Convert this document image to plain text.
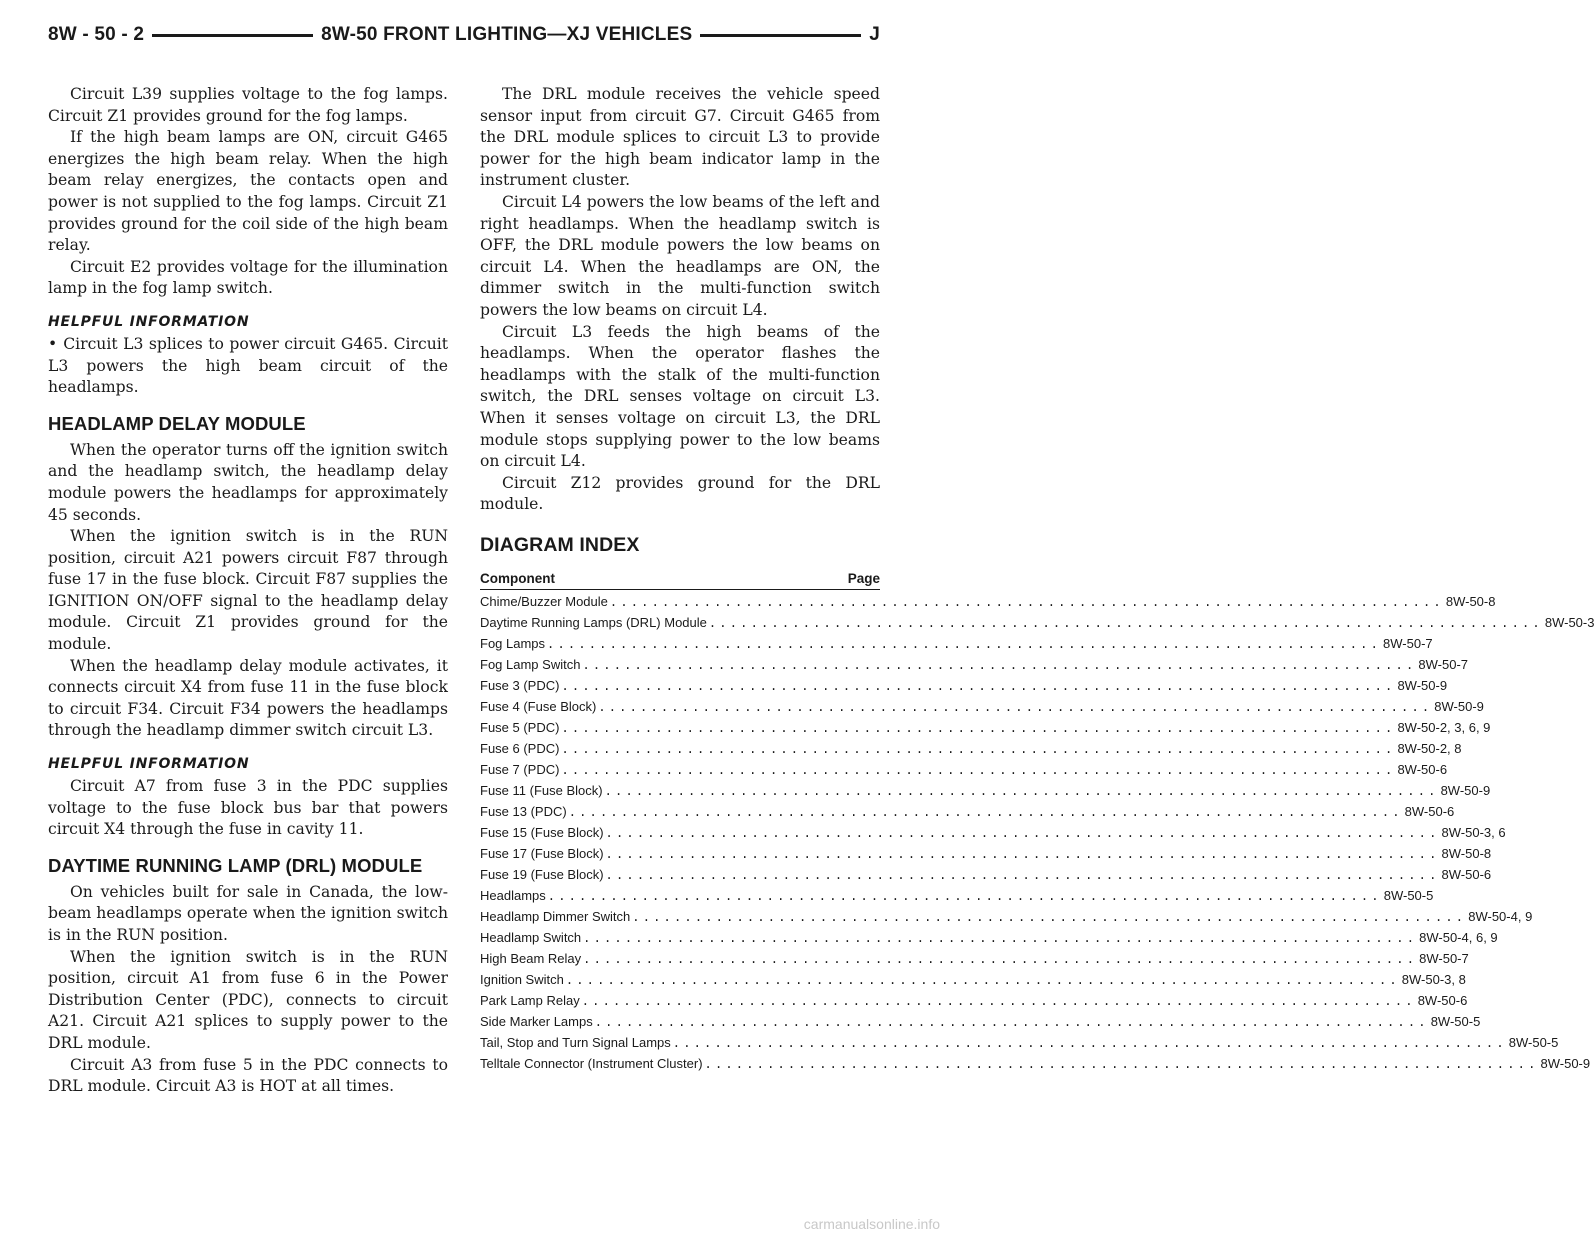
8W - 50 - 2	8W-50 FRONT LIGHTING—XJ VEHICLES	J

Circuit L39 supplies voltage to the fog lamps. Circuit Z1 provides ground for the fog lamps.

If the high beam lamps are ON, circuit G465 energizes the high beam relay. When the high beam relay energizes, the contacts open and power is not supplied to the fog lamps. Circuit Z1 provides ground for the coil side of the high beam relay.

Circuit E2 provides voltage for the illumination lamp in the fog lamp switch.

HELPFUL INFORMATION

• Circuit L3 splices to power circuit G465. Circuit L3 powers the high beam circuit of the headlamps.

HEADLAMP DELAY MODULE

When the operator turns off the ignition switch and the headlamp switch, the headlamp delay module powers the headlamps for approximately 45 seconds.

When the ignition switch is in the RUN position, circuit A21 powers circuit F87 through fuse 17 in the fuse block. Circuit F87 supplies the IGNITION ON/OFF signal to the headlamp delay module. Circuit Z1 provides ground for the module.

When the headlamp delay module activates, it connects circuit X4 from fuse 11 in the fuse block to circuit F34. Circuit F34 powers the headlamps through the headlamp dimmer switch circuit L3.

HELPFUL INFORMATION

Circuit A7 from fuse 3 in the PDC supplies voltage to the fuse block bus bar that powers circuit X4 through the fuse in cavity 11.

DAYTIME RUNNING LAMP (DRL) MODULE

On vehicles built for sale in Canada, the low-beam headlamps operate when the ignition switch is in the RUN position.

When the ignition switch is in the RUN position, circuit A1 from fuse 6 in the Power Distribution Center (PDC), connects to circuit A21. Circuit A21 splices to supply power to the DRL module.

Circuit A3 from fuse 5 in the PDC connects to DRL module. Circuit A3 is HOT at all times.

The DRL module receives the vehicle speed sensor input from circuit G7. Circuit G465 from the DRL module splices to circuit L3 to provide power for the high beam indicator lamp in the instrument cluster.

Circuit L4 powers the low beams of the left and right headlamps. When the headlamp switch is OFF, the DRL module powers the low beams on circuit L4. When the headlamps are ON, the dimmer switch in the multi-function switch powers the low beams on circuit L4.

Circuit L3 feeds the high beams of the headlamps. When the operator flashes the headlamps with the stalk of the multi-function switch, the DRL senses voltage on circuit L3. When it senses voltage on circuit L3, the DRL module stops supplying power to the low beams on circuit L4.

Circuit Z12 provides ground for the DRL module.

DIAGRAM INDEX
Component	Page
Chime/Buzzer Module ................................................................................ 8W-50-8
Daytime Running Lamps (DRL) Module ................................................................................ 8W-50-3
Fog Lamps ................................................................................ 8W-50-7
Fog Lamp Switch ................................................................................ 8W-50-7
Fuse 3 (PDC) ................................................................................ 8W-50-9
Fuse 4 (Fuse Block) ................................................................................ 8W-50-9
Fuse 5 (PDC) ................................................................................ 8W-50-2, 3, 6, 9
Fuse 6 (PDC) ................................................................................ 8W-50-2, 8
Fuse 7 (PDC) ................................................................................ 8W-50-6
Fuse 11 (Fuse Block) ................................................................................ 8W-50-9
Fuse 13 (PDC) ................................................................................ 8W-50-6
Fuse 15 (Fuse Block) ................................................................................ 8W-50-3, 6
Fuse 17 (Fuse Block) ................................................................................ 8W-50-8
Fuse 19 (Fuse Block) ................................................................................ 8W-50-6
Headlamps ................................................................................ 8W-50-5
Headlamp Dimmer Switch ................................................................................ 8W-50-4, 9
Headlamp Switch ................................................................................ 8W-50-4, 6, 9
High Beam Relay ................................................................................ 8W-50-7
Ignition Switch ................................................................................ 8W-50-3, 8
Park Lamp Relay ................................................................................ 8W-50-6
Side Marker Lamps ................................................................................ 8W-50-5
Tail, Stop and Turn Signal Lamps ................................................................................ 8W-50-5
Telltale Connector (Instrument Cluster) ................................................................................ 8W-50-9
carmanualsonline.info
